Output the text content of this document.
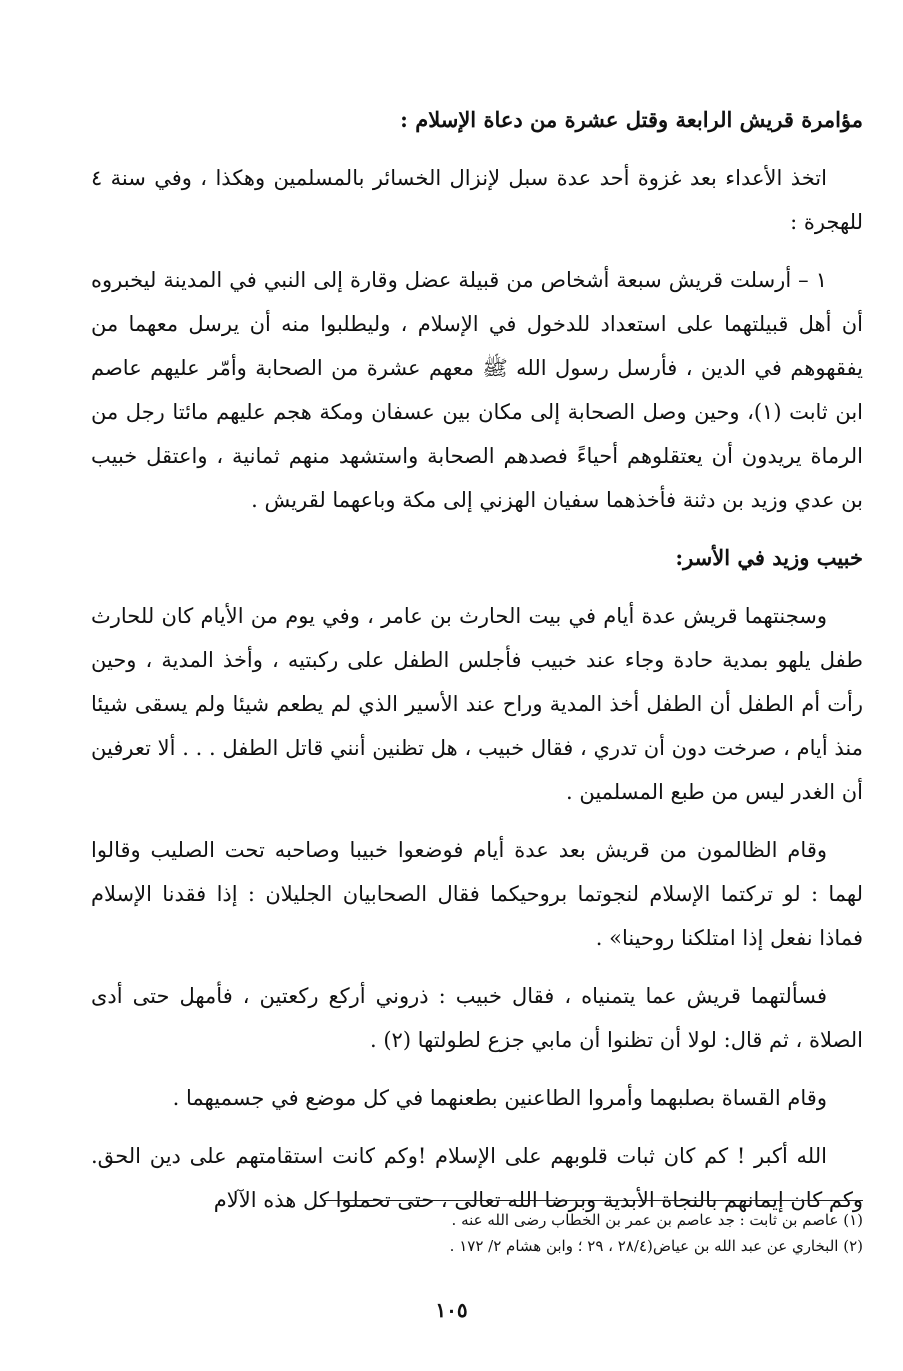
مؤامرة قريش الرابعة وقتل عشرة من دعاة الإسلام :

اتخذ الأعداء بعد غزوة أحد عدة سبل لإنزال الخسائر بالمسلمين وهكذا ، وفي سنة ٤ للهجرة :

١ – أرسلت قريش سبعة أشخاص من قبيلة عضل وقارة إلى النبي في المدينة ليخبروه أن أهل قبيلتهما على استعداد للدخول في الإسلام ، وليطلبوا منه أن يرسل معهما من يفقهوهم في الدين ، فأرسل رسول الله ﷺ معهم عشرة من الصحابة وأمّر عليهم عاصم ابن ثابت (١)، وحين وصل الصحابة إلى مكان بين عسفان ومكة هجم عليهم مائتا رجل من الرماة يريدون أن يعتقلوهم أحياءً فصدهم الصحابة واستشهد منهم ثمانية ، واعتقل خبيب بن عدي وزيد بن دثنة فأخذهما سفيان الهزني إلى مكة وباعهما لقريش .

خبيب وزيد في الأسر:

وسجنتهما قريش عدة أيام في بيت الحارث بن عامر ، وفي يوم من الأيام كان للحارث طفل يلهو بمدية حادة وجاء عند خبيب فأجلس الطفل على ركبتيه ، وأخذ المدية ، وحين رأت أم الطفل أن الطفل أخذ المدية وراح عند الأسير الذي لم يطعم شيئا ولم يسقى شيئا منذ أيام ، صرخت دون أن تدري ، فقال خبيب ، هل تظنين أنني قاتل الطفل . . . ألا تعرفين أن الغدر ليس من طبع المسلمين .

وقام الظالمون من قريش بعد عدة أيام فوضعوا خبيبا وصاحبه تحت الصليب وقالوا لهما : لو تركتما الإسلام لنجوتما بروحيكما فقال الصحابيان الجليلان : إذا فقدنا الإسلام فماذا نفعل إذا امتلكنا روحينا» .

فسألتهما قريش عما يتمنياه ، فقال خبيب : ذروني أركع ركعتين ، فأمهل حتى أدى الصلاة ، ثم قال: لولا أن تظنوا أن مابي جزع لطولتها (٢) .

وقام القساة بصلبهما وأمروا الطاعنين بطعنهما في كل موضع في جسميهما .

الله أكبر ! كم كان ثبات قلوبهم على الإسلام !وكم كانت استقامتهم على دين الحق. وكم كان إيمانهم بالنجاة الأبدية وبرضا الله تعالى ، حتى تحملوا كل هذه الآلام

(١) عاصم بن ثابت : جد عاصم بن عمر بن الخطاب رضى الله عنه .

(٢) البخاري عن عبد الله بن عياض(٢٨/٤ ، ٢٩ ؛ وابن هشام ٢/ ١٧٢ .

١٠٥
